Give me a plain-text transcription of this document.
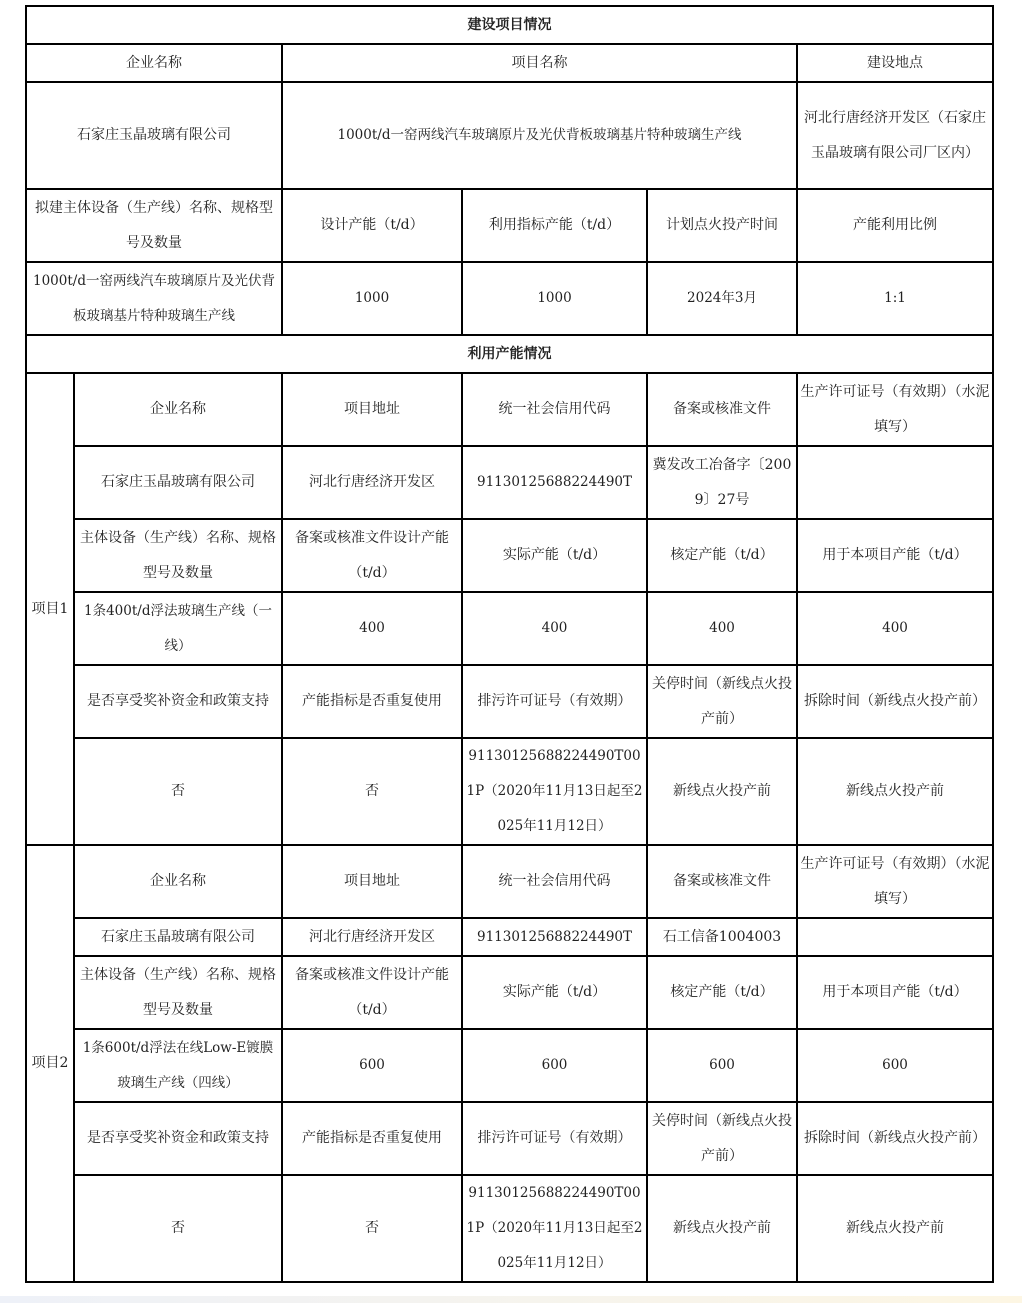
建设项目情况					
企业名称		项目名称			建设地点
石家庄玉晶玻璃有限公司		1000t/d一窑两线汽车玻璃原片及光伏背板玻璃基片特种玻璃生产线			河北行唐经济开发区（石家庄玉晶玻璃有限公司厂区内）
拟建主体设备（生产线）名称、规格型号及数量		设计产能（t/d）	利用指标产能（t/d）	计划点火投产时间	产能利用比例
1000t/d一窑两线汽车玻璃原片及光伏背板玻璃基片特种玻璃生产线		1000	1000	2024年3月	1:1
利用产能情况					
项目1	企业名称	项目地址	统一社会信用代码	备案或核准文件	生产许可证号（有效期）（水泥填写）
	石家庄玉晶玻璃有限公司	河北行唐经济开发区	91130125688224490T	冀发改工冶备字〔2009〕27号	
	主体设备（生产线）名称、规格型号及数量	备案或核准文件设计产能（t/d）	实际产能（t/d）	核定产能（t/d）	用于本项目产能（t/d）
	1条400t/d浮法玻璃生产线（一线）	400	400	400	400
	是否享受奖补资金和政策支持	产能指标是否重复使用	排污许可证号（有效期）	关停时间（新线点火投产前）	拆除时间（新线点火投产前）
	否	否	91130125688224490T001P（2020年11月13日起至2025年11月12日）	新线点火投产前	新线点火投产前
项目2	企业名称	项目地址	统一社会信用代码	备案或核准文件	生产许可证号（有效期）（水泥填写）
	石家庄玉晶玻璃有限公司	河北行唐经济开发区	91130125688224490T	石工信备1004003	
	主体设备（生产线）名称、规格型号及数量	备案或核准文件设计产能（t/d）	实际产能（t/d）	核定产能（t/d）	用于本项目产能（t/d）
	1条600t/d浮法在线Low-E镀膜玻璃生产线（四线）	600	600	600	600
	是否享受奖补资金和政策支持	产能指标是否重复使用	排污许可证号（有效期）	关停时间（新线点火投产前）	拆除时间（新线点火投产前）
	否	否	91130125688224490T001P（2020年11月13日起至2025年11月12日）	新线点火投产前	新线点火投产前
